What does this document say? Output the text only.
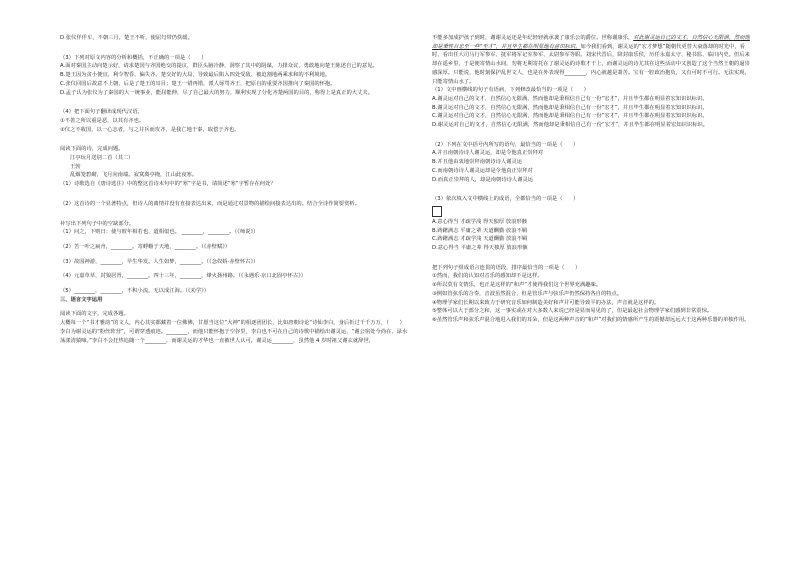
D.张仪佯佯车，不朝三月，楚王不听，使屈匄带仍佚缓。

（3）下列对原文内容的分析和概括，不正确的一项是（　　）

A.面对秦国主动向楚示好，请求楚国与齐国绝交的提议，群臣头脑冷静，洞察了其中的阴谋，力排众议，勇敢地向楚王陈述自己的意见。

B.楚王因为贪小便宜，利令智昏，偏失齐、楚交好的大局，导致最后陷入四处受敌、被迫割地两乘求和的不利境地。

C.张仪回国后故意不上朝，后是了楚王的耳目；楚王一错再错，派人辱骂齐王，把原自的重要齐国推向了秦国的怀抱。

D.孟子认为张仪为了秦国的大一统事业，能屈能伸，尽了自己最大的努力，顺利实现了分化齐楚两国的目的，称得上是真正的大丈夫。

（4）把下面句子翻译成现代汉语。

①不善之所以重是恶，以其有齐也。

②仪之不收国，以一心志者，与之并兵而攻齐，是我亡地于秦，取偿于齐也。

阅读下面的诗，完成问题。

江亭玩月送别二首（其二）

王勃

乱烟笼碧砌，飞月向南端。寂寞离亭掩，江山此夜寒。

（1）诗歌选自《唐诗选注》中的整这首诗末句中的“寒”字是书，请简述“寒”字暂存在何处？

（2）这首诗的一个显著特点，但诗人的离情并没有直接表达出来，而是通过对景物的描绘间接表达出的。结合全诗作简要赏析。

补写出下列句子中的空缺部分。

（1）问之，下则曰：使与彼年相若也，道相似也。 ________，________。（《师说》）

（2）苦一叶之扁舟，________。寄蜉蝣于天地，________。（《赤壁赋》）

（3）故国神游，________，早生华发。人生如梦，________。（《念奴娇·赤壁怀古》）

（4）元嘉草草，封狼居胥，________。四十三年，________，烽火扬州路。（《永遇乐·京口北固亭怀古》）

（5）________，________，不积小流，无以成江海。（《劝学》）

三、语言文字运用

阅读下面的文字，完成各题。

大概每一个“书才雅韵”的文人，内心其实都藏着一位佛佛，甘愿当这位“大神”的相逐团团长，比如唐朝诗论“诗仙李白，身后折过千千万万，（　　）李白为谢灵运的“粉丝阵营”，可谓穿透痕迹。________，而他只能怀抱于空谷里，李白也不可在自己的诗歌中描绘出谢灵运，“谢公宿处今尚在，渌水荡漾清猿啼。”李白不会狂热追随一个________，而谢灵运的才华也一直被世人认可。谢灵运________，虽然他 4 岁时祖父谢玄就辞世，

不能多加成护孩子到时，谢谢灵运还是年纪轻轻就承袭了康乐公的爵位。世称谢康乐，对此谢灵运自己的文才，自然信心无限满。然而他却是秉性自忠至一些“至才”，并且毕生都在明显地有意识标识，如今我们看到，谢灵运的“宏才梦想”随朝代更替大衰落却的时光中，看时，看出任大司马行军参军、抚军将军记室参军、太尉参军等职。刘宋代晋后，降封康乐侯，历任永嘉太守、秘书监、临川内史。但后来却在遥乡里，于是便寄情山水间，勿将无期寄托在了谢灵运的诗歌才干上，而谢灵运的诗尤其在这些活动中又创造了这个当然王朝的逼崇感深厚。只能说，他时刻保护乱世文人，也是在外表现得________，内心就越是萧苦。宝有一腔政治抱负，又有可时不可行。无法实现，只能寄情山水了。

（1）文中画横线的句子有语病，下列修改最恰当的一项是（　　）

A.谢灵运对自己的文才，自然信心无限满，然而他却是秉相信自己有一份“宏才”，并且毕生都在明显着宏知识识标识。

B.谢灵运对自己的文才，自然信心无限满，然而他却是秉相信自己有一份“宏才”，并且毕生都在明显着宏知识识标识。

C.谢灵运对自己的文才，自然信心无限满，然而他却是秉相信自己有一份“宏才”，并且毕生都在明显着宏知识识标识。

D.谢灵运对自己的文才，自然信心无限满，然而他却是秉相信自己有一份“宏才”，并且毕生都在明显着宏知识识标识。

（2）下列在文中括号内所写的语句，最恰当的一项是（　　）

A.并且南朝诗诗人谢灵运，却是令他真正崇拜对

B.并且他由衷地崇拜南朝诗诗人谢灵运

C.而南朝诗诗人谢灵运却是令他真正崇拜对

D.而真正崇拜的人，却是南朝诗诗人谢灵运

（3）依次填入文中横线上的成语，全都恰当的一项是（　　）

A.意心得当 才疏学浅 得天独厚 放浪形骸

B.踌躇满志 平庸之辈 天道酬勤 放浪不羁

C.踌躇满志 才疏学浅 天道酬勤 放浪不羁

D.意心得当 平庸之辈 得天独厚 放浪形骸

把下列句子组成语言连贯的语段，排序最恰当的一项是（　　）

①然而，我们的认知对音乐的感知却不是这样。

②所以莫有文情乐，也正是这样的“和声”才使得我们这个世界充满趣味。

③例如管弦乐的合奏，音波虽然混合，但是管乐声与弦乐声仍然保持各自的特点。

④物理学家们长期以来致力于研究音乐如何制造美好和声并可能导致平的办法，声音就是这样的。

⑤整体可以大于部分之和，这一事实或在对大多数人来说已经是显而易见的了，但是最起社会物理学家们感到非常震惊。

⑥虽然管乐声和弦乐声混合地进入我们的耳朵，但是这两种声音的“和声”对我们的情感所产生的震撼却远远大于这两种乐器的单独作用。
